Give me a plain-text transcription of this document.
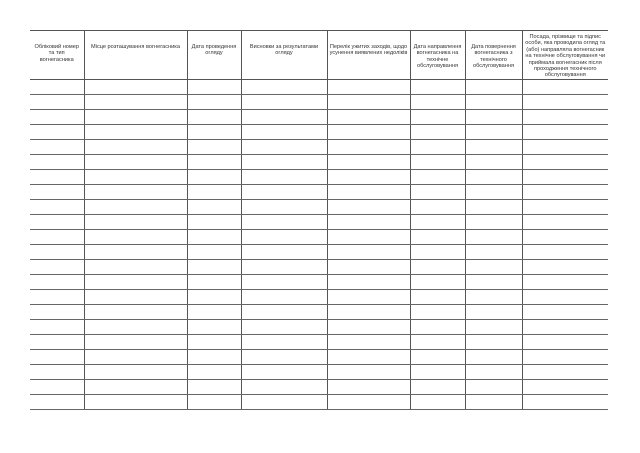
Обліковий номер та тип вогнегасника	Місце розташування вогнегасника	Дата проведення огляду	Висновки за результатами огляду	Перелік ужитих заходів, щодо усунення виявлених недоліків	Дата направлення вогнегасника на технічне обслуговування	Дата повернення вогнегасника з технічного обслуговування	Посада, прізвище та підпис особи, яка проводила огляд та (або) направляла вогнегасник на технічне обслуговування чи приймала вогнегасник після проходження технічного обслуговування
